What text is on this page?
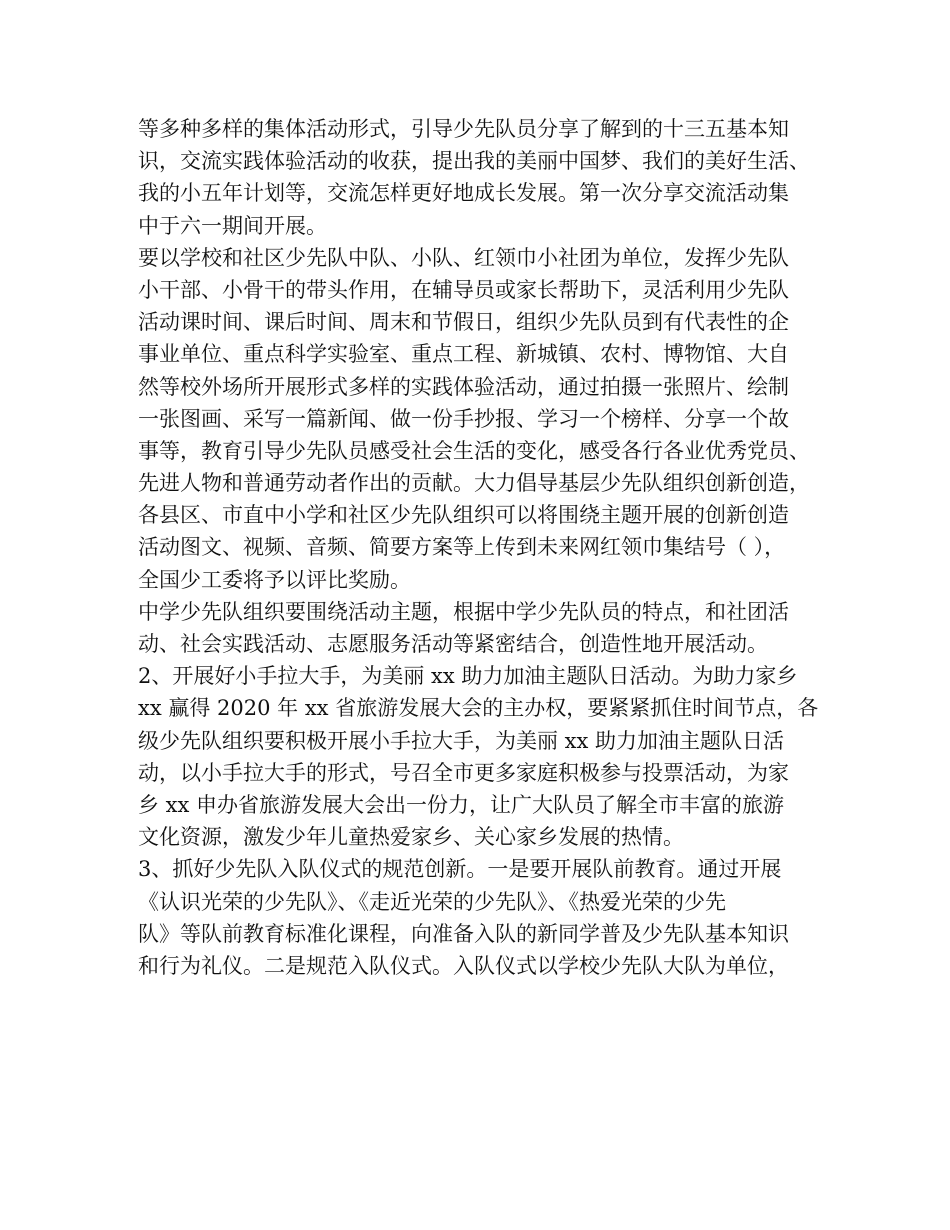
等多种多样的集体活动形式，引导少先队员分享了解到的十三五基本知
识，交流实践体验活动的收获，提出我的美丽中国梦、我们的美好生活、
我的小五年计划等，交流怎样更好地成长发展。第一次分享交流活动集
中于六一期间开展。
要以学校和社区少先队中队、小队、红领巾小社团为单位，发挥少先队
小干部、小骨干的带头作用，在辅导员或家长帮助下，灵活利用少先队
活动课时间、课后时间、周末和节假日，组织少先队员到有代表性的企
事业单位、重点科学实验室、重点工程、新城镇、农村、博物馆、大自
然等校外场所开展形式多样的实践体验活动，通过拍摄一张照片、绘制
一张图画、采写一篇新闻、做一份手抄报、学习一个榜样、分享一个故
事等，教育引导少先队员感受社会生活的变化，感受各行各业优秀党员、
先进人物和普通劳动者作出的贡献。大力倡导基层少先队组织创新创造，
各县区、市直中小学和社区少先队组织可以将围绕主题开展的创新创造
活动图文、视频、音频、简要方案等上传到未来网红领巾集结号（ ），
全国少工委将予以评比奖励。
中学少先队组织要围绕活动主题，根据中学少先队员的特点，和社团活
动、社会实践活动、志愿服务活动等紧密结合，创造性地开展活动。
2、开展好小手拉大手，为美丽 xx 助力加油主题队日活动。为助力家乡
xx 赢得 2020 年 xx 省旅游发展大会的主办权，要紧紧抓住时间节点，各
级少先队组织要积极开展小手拉大手，为美丽 xx 助力加油主题队日活
动，以小手拉大手的形式，号召全市更多家庭积极参与投票活动，为家
乡 xx 申办省旅游发展大会出一份力，让广大队员了解全市丰富的旅游
文化资源，激发少年儿童热爱家乡、关心家乡发展的热情。
3、抓好少先队入队仪式的规范创新。一是要开展队前教育。通过开展
《认识光荣的少先队》、《走近光荣的少先队》、《热爱光荣的少先
队》等队前教育标准化课程，向准备入队的新同学普及少先队基本知识
和行为礼仪。二是规范入队仪式。入队仪式以学校少先队大队为单位，
